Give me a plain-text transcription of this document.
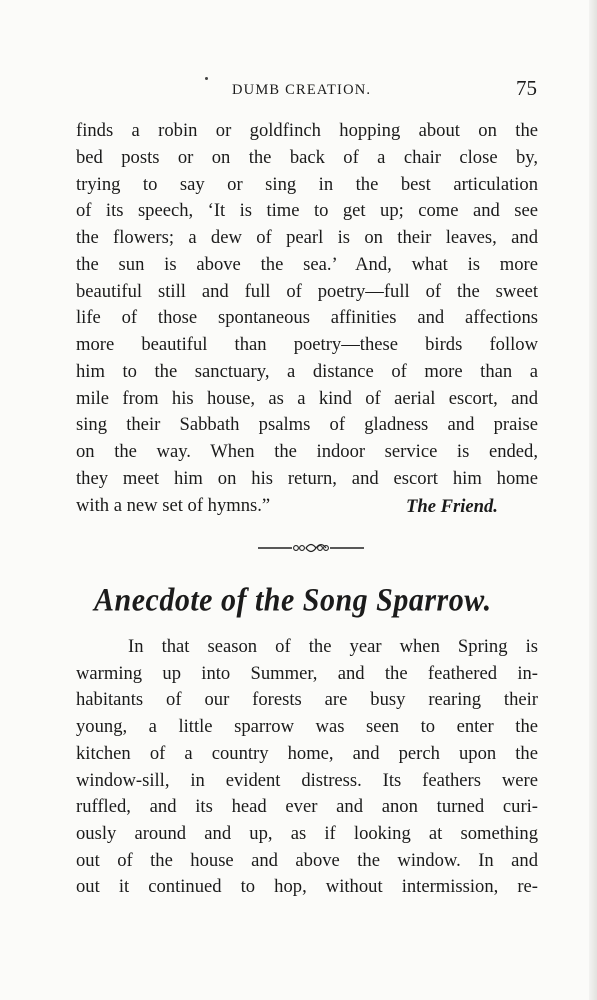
DUMB CREATION.	75
finds a robin or goldfinch hopping about on the
bed posts or on the back of a chair close by,
trying to say or sing in the best articulation
of its speech, ‘It is time to get up; come and see
the flowers; a dew of pearl is on their leaves, and
the sun is above the sea.’ And, what is more
beautiful still and full of poetry—full of the sweet
life of those spontaneous affinities and affections
more beautiful than poetry—these birds follow
him to the sanctuary, a distance of more than a
mile from his house, as a kind of aerial escort, and
sing their Sabbath psalms of gladness and praise
on the way. When the indoor service is ended,
they meet him on his return, and escort him home
with a new set of hymns.”	The Friend.
Anecdote of the Song Sparrow.
In that season of the year when Spring is
warming up into Summer, and the feathered in-
habitants of our forests are busy rearing their
young, a little sparrow was seen to enter the
kitchen of a country home, and perch upon the
window-sill, in evident distress. Its feathers were
ruffled, and its head ever and anon turned curi-
ously around and up, as if looking at something
out of the house and above the window. In and
out it continued to hop, without intermission, re-
